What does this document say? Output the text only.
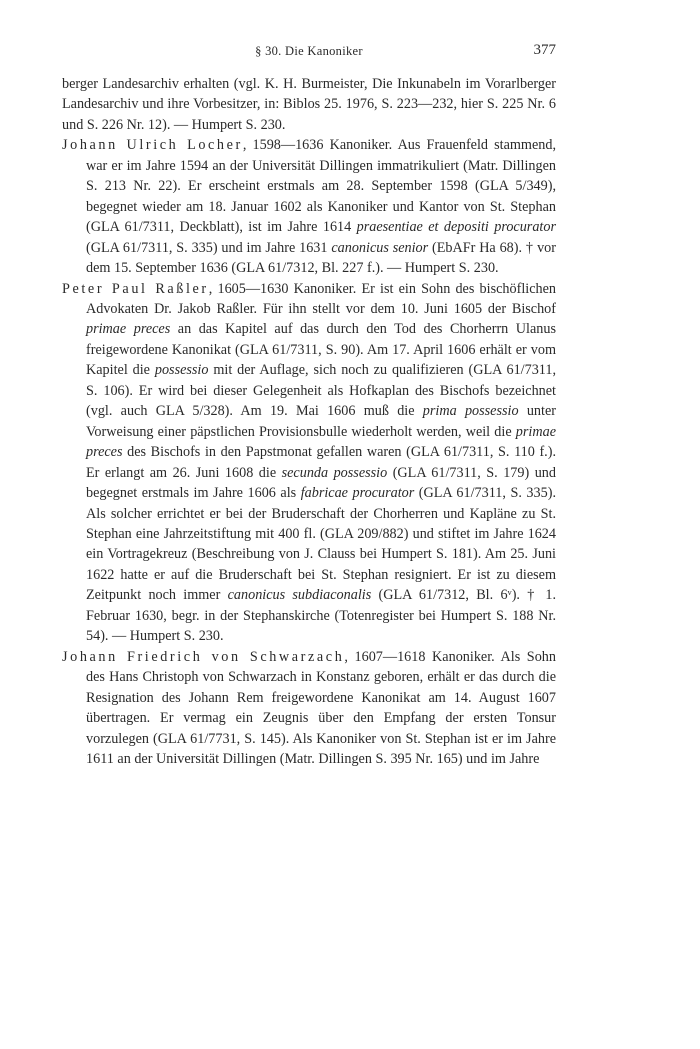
§ 30. Die Kanoniker	377

berger Landesarchiv erhalten (vgl. K. H. Burmeister, Die Inkunabeln im Vorarlberger Landesarchiv und ihre Vorbesitzer, in: Biblos 25. 1976, S. 223—232, hier S. 225 Nr. 6 und S. 226 Nr. 12). — Humpert S. 230.

Johann Ulrich Locher, 1598—1636 Kanoniker. Aus Frauenfeld stammend, war er im Jahre 1594 an der Universität Dillingen immatrikuliert (Matr. Dillingen S. 213 Nr. 22). Er erscheint erstmals am 28. September 1598 (GLA 5/349), begegnet wieder am 18. Januar 1602 als Kanoniker und Kantor von St. Stephan (GLA 61/7311, Deckblatt), ist im Jahre 1614 praesentiae et depositi procurator (GLA 61/7311, S. 335) und im Jahre 1631 canonicus senior (EbAFr Ha 68). † vor dem 15. September 1636 (GLA 61/7312, Bl. 227 f.). — Humpert S. 230.

Peter Paul Raßler, 1605—1630 Kanoniker. Er ist ein Sohn des bischöflichen Advokaten Dr. Jakob Raßler. Für ihn stellt vor dem 10. Juni 1605 der Bischof primae preces an das Kapitel auf das durch den Tod des Chorherrn Ulanus freigewordene Kanonikat (GLA 61/7311, S. 90). Am 17. April 1606 erhält er vom Kapitel die possessio mit der Auflage, sich noch zu qualifizieren (GLA 61/7311, S. 106). Er wird bei dieser Gelegenheit als Hofkaplan des Bischofs bezeichnet (vgl. auch GLA 5/328). Am 19. Mai 1606 muß die prima possessio unter Vorweisung einer päpstlichen Provisionsbulle wiederholt werden, weil die primae preces des Bischofs in den Papstmonat gefallen waren (GLA 61/7311, S. 110 f.). Er erlangt am 26. Juni 1608 die secunda possessio (GLA 61/7311, S. 179) und begegnet erstmals im Jahre 1606 als fabricae procurator (GLA 61/7311, S. 335). Als solcher errichtet er bei der Bruderschaft der Chorherren und Kapläne zu St. Stephan eine Jahrzeitstiftung mit 400 fl. (GLA 209/882) und stiftet im Jahre 1624 ein Vortragekreuz (Beschreibung von J. Clauss bei Humpert S. 181). Am 25. Juni 1622 hatte er auf die Bruderschaft bei St. Stephan resigniert. Er ist zu diesem Zeitpunkt noch immer canonicus subdiaconalis (GLA 61/7312, Bl. 6ᵛ). † 1. Februar 1630, begr. in der Stephanskirche (Totenregister bei Humpert S. 188 Nr. 54). — Humpert S. 230.

Johann Friedrich von Schwarzach, 1607—1618 Kanoniker. Als Sohn des Hans Christoph von Schwarzach in Konstanz geboren, erhält er das durch die Resignation des Johann Rem freigewordene Kanonikat am 14. August 1607 übertragen. Er vermag ein Zeugnis über den Empfang der ersten Tonsur vorzulegen (GLA 61/7731, S. 145). Als Kanoniker von St. Stephan ist er im Jahre 1611 an der Universität Dillingen (Matr. Dillingen S. 395 Nr. 165) und im Jahre
